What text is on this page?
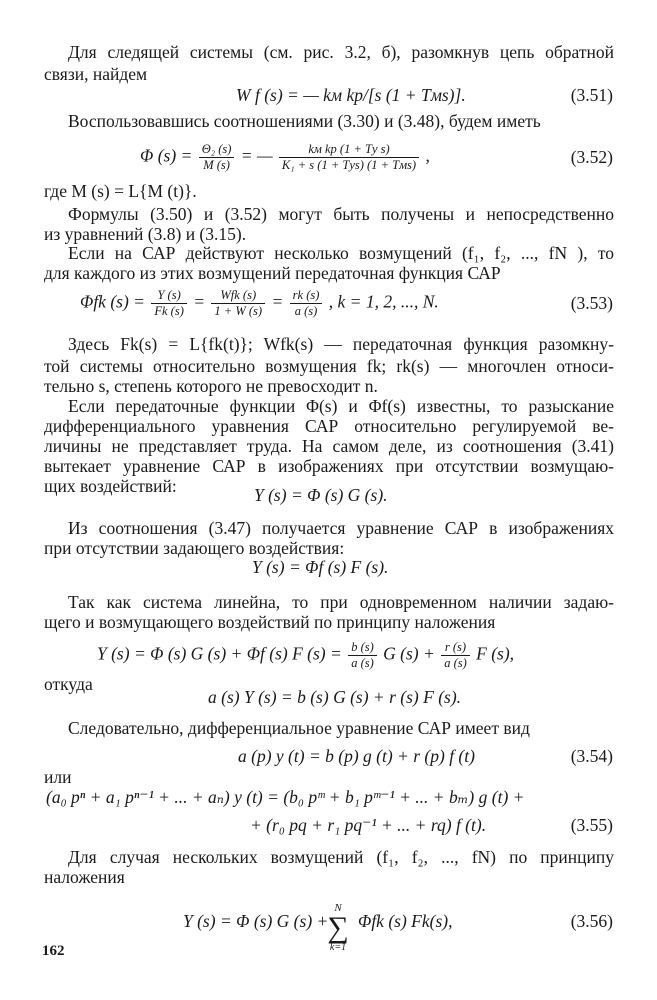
Для следящей системы (см. рис. 3.2, б), разомкнув цепь обратной
связи, найдем
W f (s) = — kм kр/[s (1 + Tмs)].	(3.51)
Воспользовавшись соотношениями (3.30) и (3.48), будем иметь
Φ $(s) = \frac{\text{Θ₂ (s)}}{M (s)}$ = — $\frac{\text{kм kр (1 + Tу s)}}{\text{K₁ + s (1 + Tуs) (1 + Tмs)}}$ ,	(3.52)
где M (s) = L{M (t)}.
Формулы (3.50) и (3.52) могут быть получены и непосредственно
из уравнений (3.8) и (3.15).
Если на САР действуют несколько возмущений (f₁, f₂, ..., fN ), то
для каждого из этих возмущений передаточная функция САР
Φfk $(s) = \frac{Y (s)}{Fk (s)} = \frac{\text{Wfk (s)}}{1 + W (s)} = \frac{rk (s)}{a (s)}$ , k = 1, 2, ..., N.	(3.53)
Здесь Fk(s) = L{fk(t)}; Wfk(s) — передаточная функция разомкну-
той системы относительно возмущения fk; rk(s) — многочлен относи-
тельно s, степень которого не превосходит n.
Если передаточные функции Φ(s) и Φf(s) известны, то разыскание
дифференциального уравнения САР относительно регулируемой ве-
личины не представляет труда. На самом деле, из соотношения (3.41)
вытекает уравнение САР в изображениях при отсутствии возмущаю-
щих воздействий:	Y (s) = Φ (s) G (s).
Из соотношения (3.47) получается уравнение САР в изображениях
при отсутствии задающего воздействия:
Y (s) = Φf (s) F (s).
Так как система линейна, то при одновременном наличии задаю-
щего и возмущающего воздействий по принципу наложения
Y (s) = Φ (s) G (s) + Φf (s) F $(s) = \frac{b (s)}{a (s)}$ G $(s) + \frac{r (s)}{a (s)}$ F (s),
откуда
a (s) Y (s) = b (s) G (s) + r (s) F (s).
Следовательно, дифференциальное уравнение САР имеет вид
a (p) y (t) = b (p) g (t) + r (p) f (t)	(3.54)
или
(a₀ pⁿ + a₁ pⁿ⁻¹ + ... + aₙ) y (t) = (b₀ pᵐ + b₁ pᵐ⁻¹ + ... + bₘ) g (t) +
+ (r₀ pq + r₁ pq⁻¹ + ... + rq) f (t).	(3.55)
Для случая нескольких возмущений (f₁, f₂, ..., fN) по принципу
наложения
Y (s) = Φ (s) G (s) +
N
∑
k=1
Φfk (s) Fk(s),	(3.56)
162
